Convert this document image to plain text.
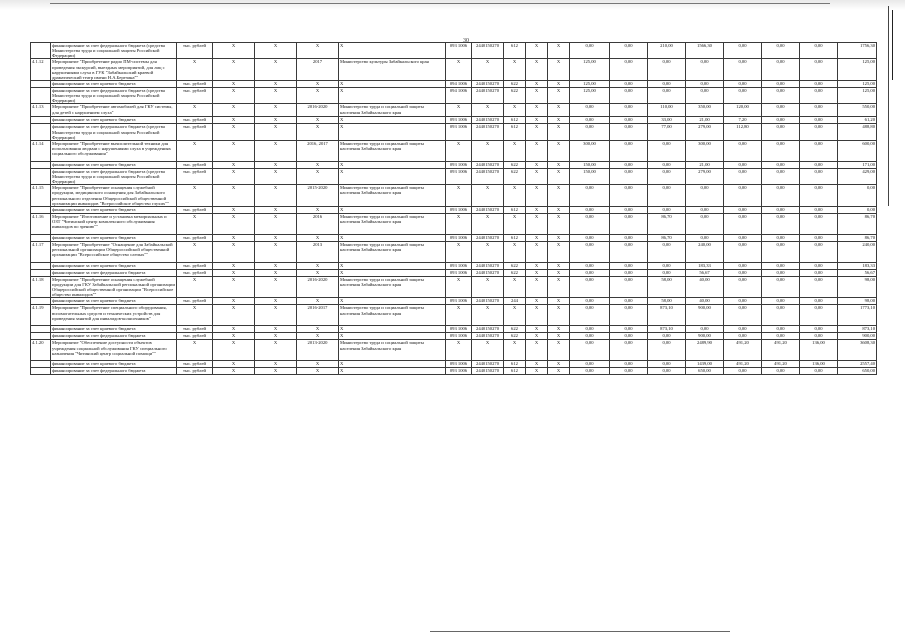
30
	финансирование за счет федерального бюджета (средства Министерства труда и социальной защиты Российской Федерации)	тыс. рублей	X	X	X	X	093 1006	2440150270	612	X	X	0,00	0,00	210,00	1566,30	0,00	0,00	0,00	1756,30
4.1.12	Мероприятие "Приобретение радио ПМ-системы для проведения экскурсий, выездных мероприятий, для лиц с нарушениями слуха в ГУК "Забайкальский краевой драматический театр имени Н.А.Березина""	X	X	X	2017	Министерство культуры Забайкальского края	X	X	X	X	X	125,00	0,00	0,00	0,00	0,00	0,00	0,00	125,00
	финансирование за счет краевого бюджета	тыс. рублей	X	X	X	X	094 1006	2440150270	622	X	X	125,00	0,00	0,00	0,00	0,00	0,00	0,00	125,00
	финансирование за счет федерального бюджета (средства Министерства труда и социальной защиты Российской Федерации)	тыс. рублей	X	X	X	X	094 1006	2440150270	622	X	X	125,00	0,00	0,00	0,00	0,00	0,00	0,00	125,00
4.1.13	Мероприятие "Приобретение автомобилей для ГКУ системы, для детей с нарушением слуха"	X	X	X	2016-2020	Министерство труда и социальной защиты населения Забайкальского края	X	X	X	X	X	0,00	0,00	110,00	350,00	120,00	0,00	0,00	550,00
	финансирование за счет краевого бюджета	тыс. рублей	X	X	X	X	093 1006	2440150270	612	X	X	0,00	0,00	33,00	21,00	7,20	0,00	0,00	61,20
	финансирование за счет федерального бюджета (средства Министерства труда и социальной защиты Российской Федерации)	тыс. рублей	X	X	X	X	093 1006	2440150270	612	X	X	0,00	0,00	77,00	279,00	112,80	0,00	0,00	488,80
4.1.14	Мероприятие "Приобретение вычислительной техники для использования людьми с нарушениями слуха в учреждениях социального обслуживания"	X	X	X	2016, 2017	Министерство труда и социальной защиты населения Забайкальского края	X	X	X	X	X	300,00	0,00	0,00	300,00	0,00	0,00	0,00	600,00
	финансирование за счет краевого бюджета	тыс. рублей	X	X	X	X	093 1006	2440150270	622	X	X	150,00	0,00	0,00	21,00	0,00	0,00	0,00	171,00
	финансирование за счет федерального бюджета (средства Министерства труда и социальной защиты Российской Федерации)	тыс. рублей	X	X	X	X	093 1006	2440150270	622	X	X	150,00	0,00	0,00	279,00	0,00	0,00	0,00	429,00
4.1.15	Мероприятие "Приобретение оснащения служебной продукции, медицинского оснащения для Забайкальского регионального отделения Общероссийской общественной организации инвалидов "Всероссийское общество глухих""	X	X	X	2015-2020	Министерство труда и социальной защиты населения Забайкальского края	X	X	X	X	X	0,00	0,00	0,00	0,00	0,00	0,00	0,00	0,00
	финансирование за счет краевого бюджета	тыс. рублей	X	X	X	X	093 1006	2440150270	612	X	X	0,00	0,00	0,00	0,00	0,00	0,00	0,00	0,00
4.1.16	Мероприятие "Изготовление и установка мемориальных и ОЗТ "Читинский центр комплексного обслуживания инвалидов по зрению""	X	X	X	2016	Министерство труда и социальной защиты населения Забайкальского края	X	X	X	X	X	0,00	0,00	86,70	0,00	0,00	0,00	0,00	86,70
	финансирование за счет краевого бюджета	тыс. рублей	X	X	X	X	093 1006	2440150270	612	X	X	0,00	0,00	86,70	0,00	0,00	0,00	0,00	86,70
4.1.17	Мероприятие "Приобретение "Оснащение для Забайкальской региональной организации Общероссийской общественной организации "Всероссийское общество слепых""	X	X	X	2013	Министерство труда и социальной защиты населения Забайкальского края	X	X	X	X	X	0,00	0,00	0,00	240,00	0,00	0,00	0,00	240,00
	финансирование за счет краевого бюджета	тыс. рублей	X	X	X	X	093 1006	2440150270	622	X	X	0,00	0,00	0,00	183,33	0,00	0,00	0,00	183,33
	финансирование за счет федерального бюджета	тыс. рублей	X	X	X	X	093 1006	2440150270	622	X	X	0,00	0,00	0,00	56,67	0,00	0,00	0,00	56,67
4.1.18	Мероприятие "Приобретение оснащения служебной продукции для ГКУ Забайкальской региональной организации Общероссийской общественной организации "Всероссийское общество инвалидов""	X	X	X	2016-2020	Министерство труда и социальной защиты населения Забайкальского края	X	X	X	X	X	0,00	0,00	58,00	40,00	0,00	0,00	0,00	98,00
	финансирование за счет краевого бюджета	тыс. рублей	X	X	X	X	093 1006	2440150270	244	X	X	0,00	0,00	58,00	40,00	0,00	0,00	0,00	98,00
4.1.19	Мероприятие "Приобретение специального оборудования, вспомогательных средств и технических устройств для проведения занятий для инвалидов-колясочников"	X	X	X	2016-2017	Министерство труда и социальной защиты населения Забайкальского края	X	X	X	X	X	0,00	0,00	873,10	900,00	0,00	0,00	0,00	1773,10
	финансирование за счет краевого бюджета	тыс. рублей	X	X	X	X	093 1006	2440150270	622	X	X	0,00	0,00	873,10	0,00	0,00	0,00	0,00	873,10
	финансирование за счет федерального бюджета	тыс. рублей	X	X	X	X	093 1006	2440150270	622	X	X	0,00	0,00	0,00	900,00	0,00	0,00	0,00	900,00
4.1.20	Мероприятие "Обеспечение доступности объектов учреждения социальной обслуживания ГКУ специального назначения "Читинский центр социальной помощи""	X	X	X	2013-2020	Министерство труда и социальной защиты населения Забайкальского края	X	X	X	X	X	0,00	0,00	0,00	2489,90	491,20	491,20	136,00	3608,30
	финансирование за счет краевого бюджета	тыс. рублей	X	X	X	X	093 1006	2440150270	612	X	X	0,00	0,00	0,00	1439,00	491,20	491,20	136,00	2557,40
	финансирование за счет федерального бюджета	тыс. рублей	X	X	X	X	093 1006	2440150270	612	X	X	0,00	0,00	0,00	650,00	0,00	0,00	0,00	650,00
